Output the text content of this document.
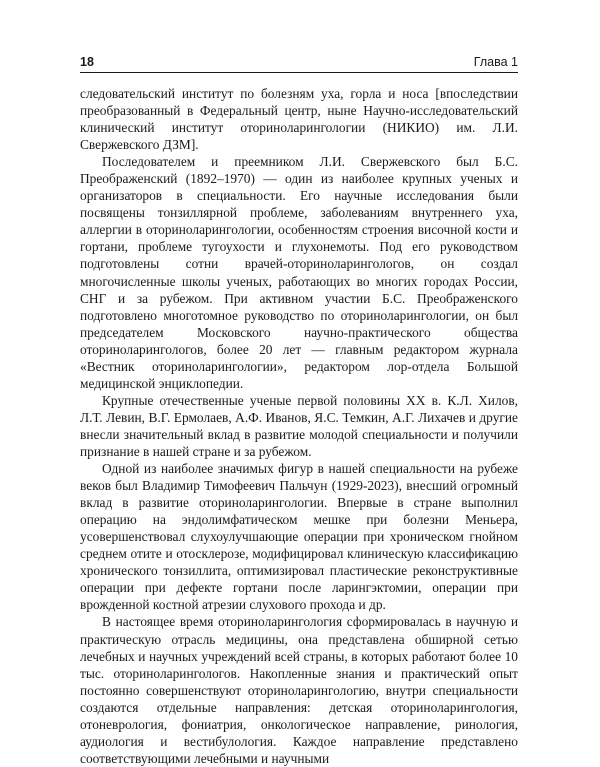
18	Глава 1

следовательский институт по болезням уха, горла и носа [впоследствии преобразованный в Федеральный центр, ныне Научно-исследовательский клинический институт оториноларингологии (НИКИО) им. Л.И. Свержевского ДЗМ].

Последователем и преемником Л.И. Свержевского был Б.С. Преображенский (1892–1970) — один из наиболее крупных ученых и организаторов в специальности. Его научные исследования были посвящены тонзиллярной проблеме, заболеваниям внутреннего уха, аллергии в оториноларингологии, особенностям строения височной кости и гортани, проблеме тугоухости и глухонемоты. Под его руководством подготовлены сотни врачей-оториноларингологов, он создал многочисленные школы ученых, работающих во многих городах России, СНГ и за рубежом. При активном участии Б.С. Преображенского подготовлено многотомное руководство по оториноларингологии, он был председателем Московского научно-практического общества оториноларингологов, более 20 лет — главным редактором журнала «Вестник оториноларингологии», редактором лор-отдела Большой медицинской энциклопедии.

Крупные отечественные ученые первой половины XX в. К.Л. Хилов, Л.Т. Левин, В.Г. Ермолаев, А.Ф. Иванов, Я.С. Темкин, А.Г. Лихачев и другие внесли значительный вклад в развитие молодой специальности и получили признание в нашей стране и за рубежом.

Одной из наиболее значимых фигур в нашей специальности на рубеже веков был Владимир Тимофеевич Пальчун (1929-2023), внесший огромный вклад в развитие оториноларингологии. Впервые в стране выполнил операцию на эндолимфатическом мешке при болезни Меньера, усовершенствовал слухоулучшающие операции при хроническом гнойном среднем отите и отосклерозе, модифицировал клиническую классификацию хронического тонзиллита, оптимизировал пластические реконструктивные операции при дефекте гортани после ларингэктомии, операции при врожденной костной атрезии слухового прохода и др.

В настоящее время оториноларингология сформировалась в научную и практическую отрасль медицины, она представлена обширной сетью лечебных и научных учреждений всей страны, в которых работают более 10 тыс. оториноларингологов. Накопленные знания и практический опыт постоянно совершенствуют оториноларингологию, внутри специальности создаются отдельные направления: детская оториноларингология, отоневрология, фониатрия, онкологическое направление, ринология, аудиология и вестибулология. Каждое направление представлено соответствующими лечебными и научными
